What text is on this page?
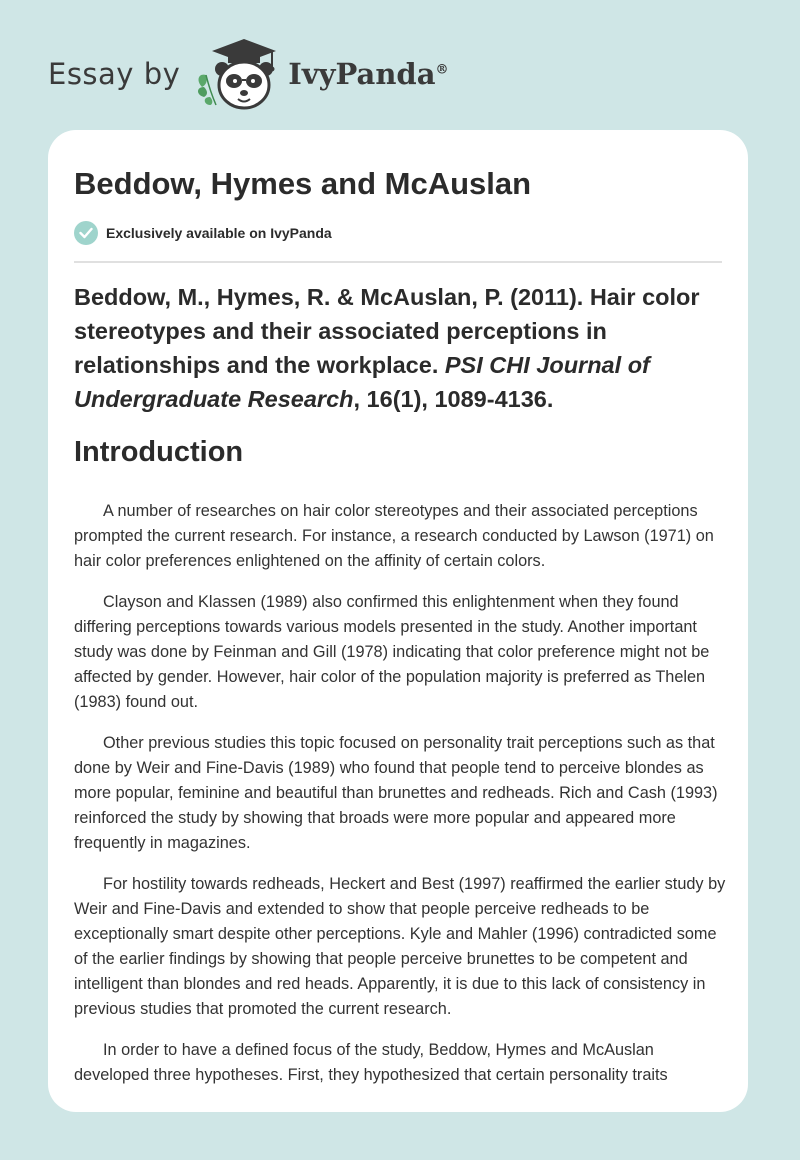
Essay by	IvyPanda®
Beddow, Hymes and McAuslan
Exclusively available on IvyPanda

Beddow, M., Hymes, R. & McAuslan, P. (2011). Hair color stereotypes and their associated perceptions in relationships and the workplace. PSI CHI Journal of Undergraduate Research, 16(1), 1089-4136.

Introduction

A number of researches on hair color stereotypes and their associated perceptions prompted the current research. For instance, a research conducted by Lawson (1971) on hair color preferences enlightened on the affinity of certain colors.

Clayson and Klassen (1989) also confirmed this enlightenment when they found differing perceptions towards various models presented in the study. Another important study was done by Feinman and Gill (1978) indicating that color preference might not be affected by gender. However, hair color of the population majority is preferred as Thelen (1983) found out.

Other previous studies this topic focused on personality trait perceptions such as that done by Weir and Fine-Davis (1989) who found that people tend to perceive blondes as more popular, feminine and beautiful than brunettes and redheads. Rich and Cash (1993) reinforced the study by showing that broads were more popular and appeared more frequently in magazines.

For hostility towards redheads, Heckert and Best (1997) reaffirmed the earlier study by Weir and Fine-Davis and extended to show that people perceive redheads to be exceptionally smart despite other perceptions. Kyle and Mahler (1996) contradicted some of the earlier findings by showing that people perceive brunettes to be competent and intelligent than blondes and red heads. Apparently, it is due to this lack of consistency in previous studies that promoted the current research.

In order to have a defined focus of the study, Beddow, Hymes and McAuslan developed three hypotheses. First, they hypothesized that certain personality traits
